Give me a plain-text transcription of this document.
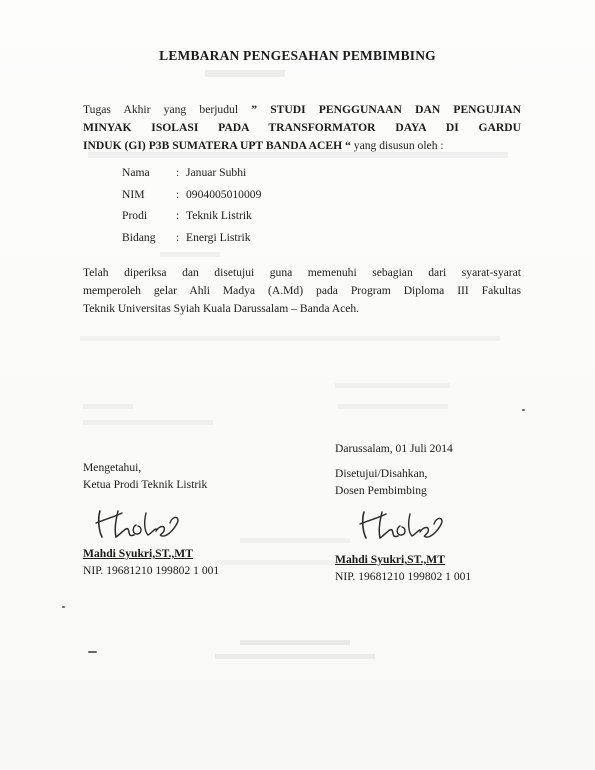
LEMBARAN PENGESAHAN PEMBIMBING
Tugas Akhir yang berjudul ” STUDI PENGGUNAAN DAN PENGUJIAN
MINYAK ISOLASI PADA TRANSFORMATOR DAYA DI GARDU
INDUK (GI) P3B SUMATERA UPT BANDA ACEH “ yang disusun oleh :
Nama	: Januar Subhi
NIM	: 0904005010009
Prodi	: Teknik Listrik
Bidang	: Energi Listrik
Telah diperiksa dan disetujui guna memenuhi sebagian dari syarat-syarat
memperoleh gelar Ahli Madya (A.Md) pada Program Diploma III Fakultas
Teknik Universitas Syiah Kuala Darussalam – Banda Aceh.
Mengetahui,
Ketua Prodi Teknik Listrik
Mahdi Syukri,ST.,MT
NIP. 19681210 199802 1 001
Darussalam, 01 Juli 2014
Disetujui/Disahkan,
Dosen Pembimbing
Mahdi Syukri,ST.,MT
NIP. 19681210 199802 1 001
